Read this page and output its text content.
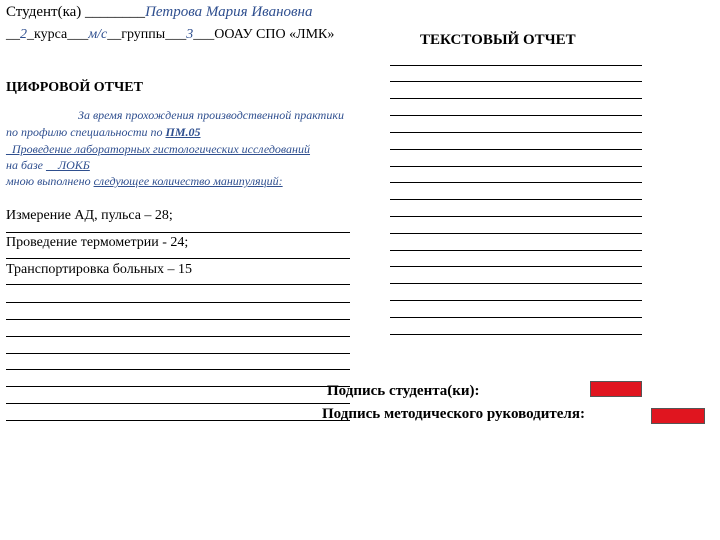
Студент(ка) ________Петрова Мария Ивановна
__2_курса___м/с__группы___3___ООАУ СПО «ЛМК»	ТЕКСТОВЫЙ ОТЧЕТ
ЦИФРОВОЙ ОТЧЕТ
За время прохождения производственной практики
по профилю специальности по ПМ.05
_Проведение лабораторных гистологических исследований
на базе __ЛОКБ
мною выполнено следующее количество манипуляций:
Измерение АД, пульса – 28;
Проведение термометрии - 24;
Транспортировка больных – 15
Подпись студента(ки):
Подпись методического руководителя:
